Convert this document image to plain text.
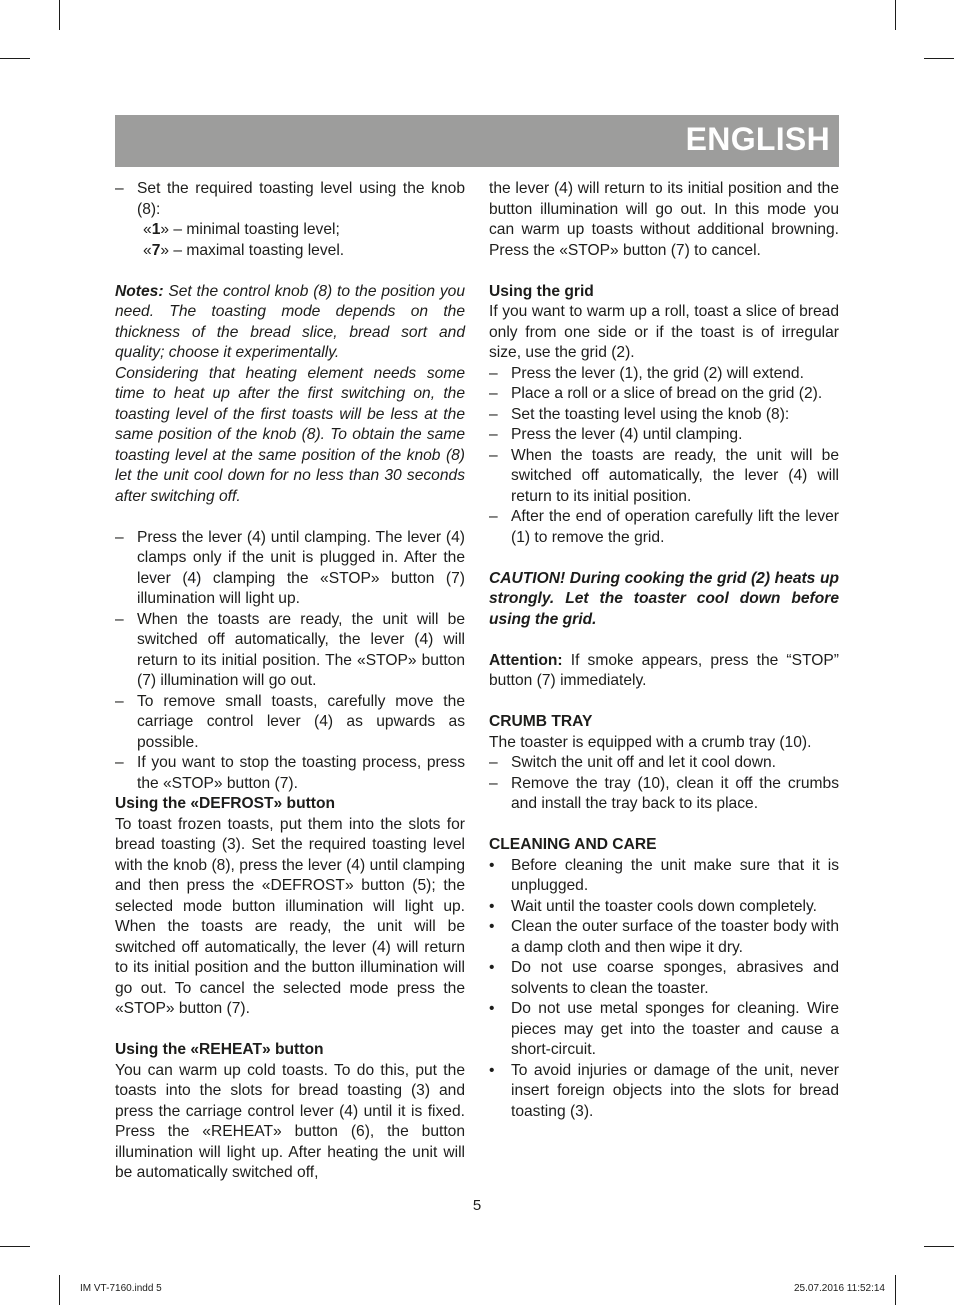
ENGLISH
– Set the required toasting level using the knob (8):
«1» – minimal toasting level;
«7» – maximal toasting level.

Notes: Set the control knob (8) to the position you need. The toasting mode depends on the thickness of the bread slice, bread sort and quality; choose it experimentally.

Considering that heating element needs some time to heat up after the first switching on, the toasting level of the first toasts will be less at the same position of the knob (8). To obtain the same toasting level at the same position of the knob (8) let the unit cool down for no less than 30 seconds after switching off.

– Press the lever (4) until clamping. The lever (4) clamps only if the unit is plugged in. After the lever (4) clamping the «STOP» button (7) illumination will light up.
– When the toasts are ready, the unit will be switched off automatically, the lever (4) will return to its initial position. The «STOP» button (7) illumination will go out.
– To remove small toasts, carefully move the carriage control lever (4) as upwards as possible.
– If you want to stop the toasting process, press the «STOP» button (7).
Using the «DEFROST» button

To toast frozen toasts, put them into the slots for bread toasting (3). Set the required toasting level with the knob (8), press the lever (4) until clamping and then press the «DEFROST» button (5); the selected mode button illumination will light up. When the toasts are ready, the unit will be switched off automatically, the lever (4) will return to its initial position and the button illumination will go out. To cancel the selected mode press the «STOP» button (7).

Using the «REHEAT» button

You can warm up cold toasts. To do this, put the toasts into the slots for bread toasting (3) and press the carriage control lever (4) until it is fixed. Press the «REHEAT» button (6), the button illumination will light up. After heating the unit will be automatically switched off,

the lever (4) will return to its initial position and the button illumination will go out. In this mode you can warm up toasts without additional browning. Press the «STOP» button (7) to cancel.

Using the grid

If you want to warm up a roll, toast a slice of bread only from one side or if the toast is of irregular size, use the grid (2).

– Press the lever (1), the grid (2) will extend.
– Place a roll or a slice of bread on the grid (2).
– Set the toasting level using the knob (8):
– Press the lever (4) until clamping.
– When the toasts are ready, the unit will be switched off automatically, the lever (4) will return to its initial position.
– After the end of operation carefully lift the lever (1) to remove the grid.

CAUTION! During cooking the grid (2) heats up strongly. Let the toaster cool down before using the grid.

Attention: If smoke appears, press the “STOP” button (7) immediately.

CRUMB TRAY

The toaster is equipped with a crumb tray (10).

– Switch the unit off and let it cool down.
– Remove the tray (10), clean it off the crumbs and install the tray back to its place.
CLEANING AND CARE
• Before cleaning the unit make sure that it is unplugged.
• Wait until the toaster cools down completely.
• Clean the outer surface of the toaster body with a damp cloth and then wipe it dry.
• Do not use coarse sponges, abrasives and solvents to clean the toaster.
• Do not use metal sponges for cleaning. Wire pieces may get into the toaster and cause a short-circuit.
• To avoid injuries or damage of the unit, never insert foreign objects into the slots for bread toasting (3).
5
IM VT-7160.indd 5	25.07.2016 11:52:14
